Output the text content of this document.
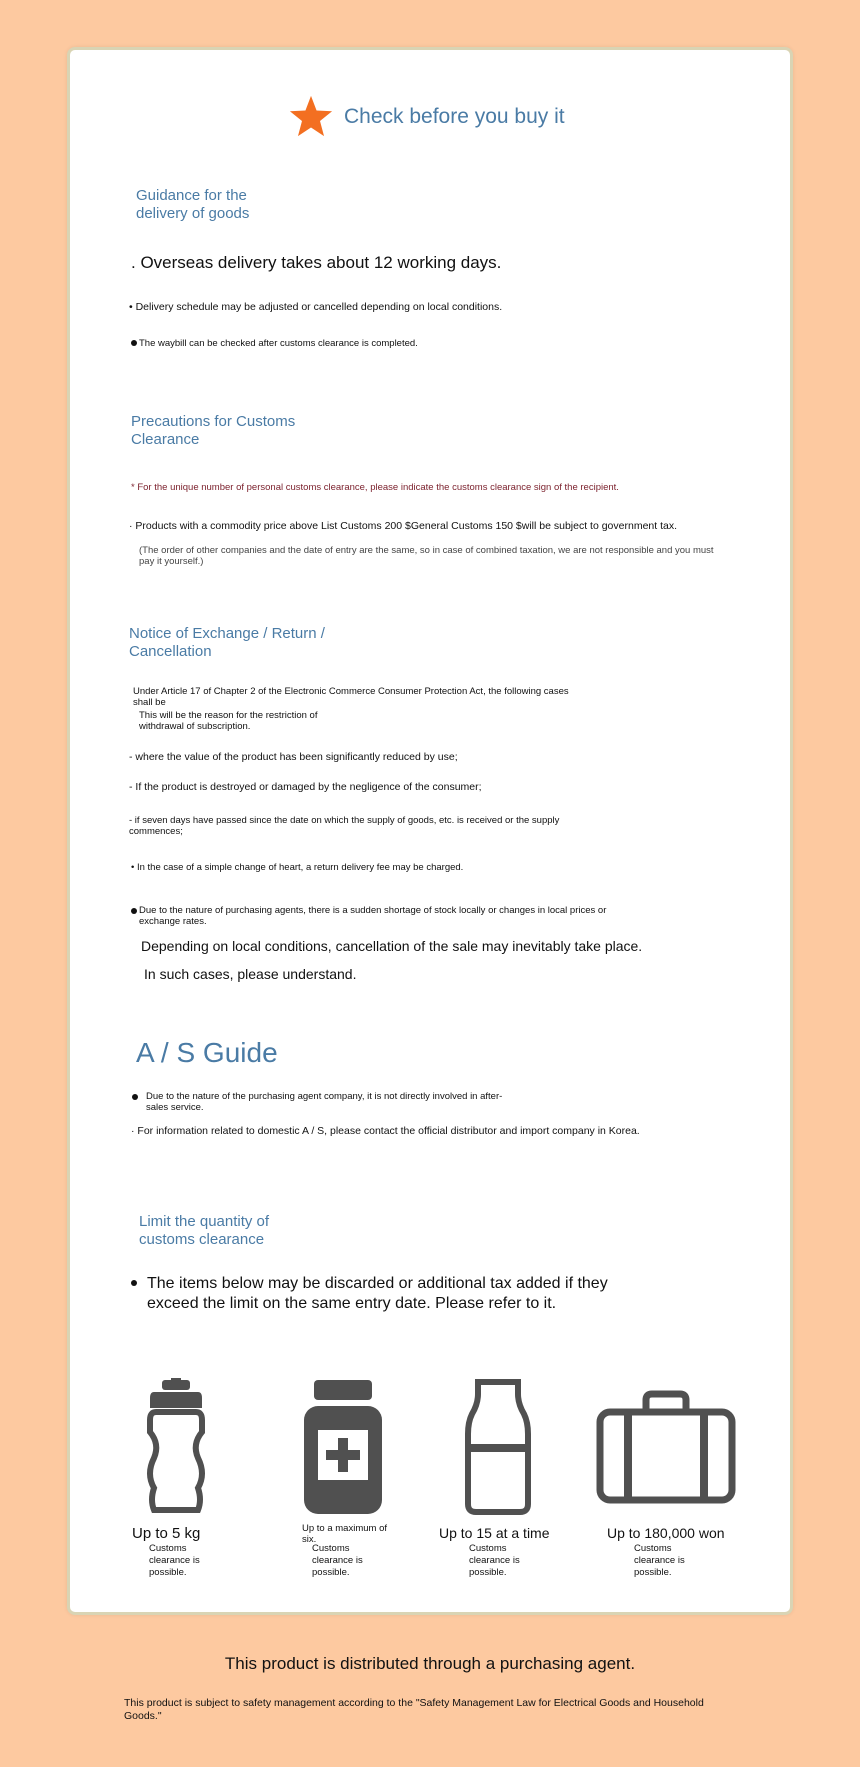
Check before you buy it
Guidance for the delivery of goods
. Overseas delivery takes about 12 working days.
• Delivery schedule may be adjusted or cancelled depending on local conditions.
The waybill can be checked after customs clearance is completed.
Precautions for Customs Clearance
* For the unique number of personal customs clearance, please indicate the customs clearance sign of the recipient.
· Products with a commodity price above List Customs 200 $General Customs 150 $will be subject to government tax.
(The order of other companies and the date of entry are the same, so in case of combined taxation, we are not responsible and you must pay it yourself.)
Notice of Exchange / Return / Cancellation
Under Article 17 of Chapter 2 of the Electronic Commerce Consumer Protection Act, the following cases shall be
This will be the reason for the restriction of withdrawal of subscription.
- where the value of the product has been significantly reduced by use;
- If the product is destroyed or damaged by the negligence of the consumer;
- if seven days have passed since the date on which the supply of goods, etc. is received or the supply commences;
• In the case of a simple change of heart, a return delivery fee may be charged.
Due to the nature of purchasing agents, there is a sudden shortage of stock locally or changes in local prices or exchange rates.
Depending on local conditions, cancellation of the sale may inevitably take place.
In such cases, please understand.
A / S Guide
Due to the nature of the purchasing agent company, it is not directly involved in after-sales service.
· For information related to domestic A / S, please contact the official distributor and import company in Korea.
Limit the quantity of customs clearance
The items below may be discarded or additional tax added if they exceed the limit on the same entry date. Please refer to it.
Up to 5 kg
Customs clearance is possible.
Up to a maximum of six.
Customs clearance is possible.
Up to 15 at a time
Customs clearance is possible.
Up to 180,000 won
Customs clearance is possible.
This product is distributed through a purchasing agent.
This product is subject to safety management according to the "Safety Management Law for Electrical Goods and Household Goods."
